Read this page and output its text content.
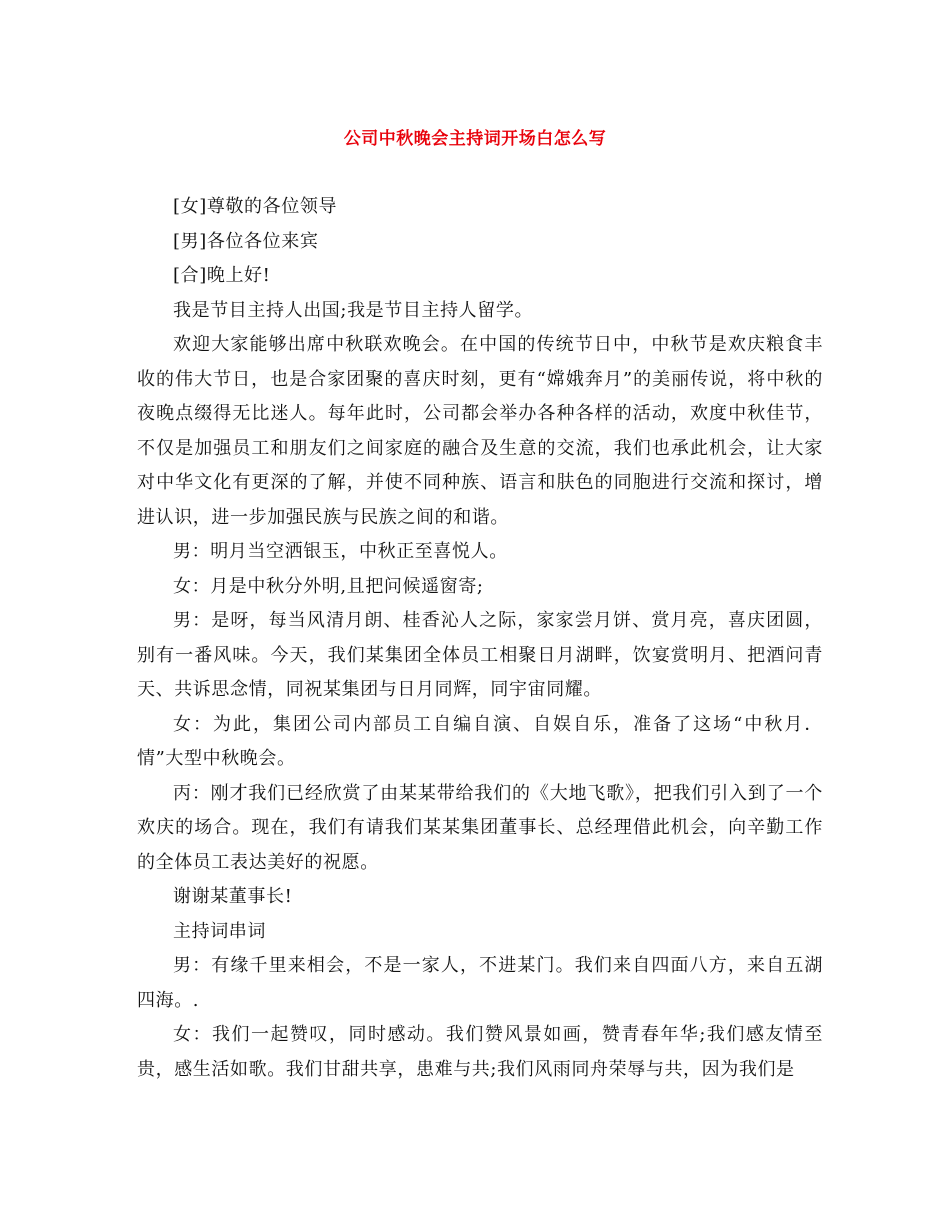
公司中秋晚会主持词开场白怎么写

[女]尊敬的各位领导

[男]各位各位来宾

[合]晚上好!

我是节目主持人出国;我是节目主持人留学。

欢迎大家能够出席中秋联欢晚会。在中国的传统节日中，中秋节是欢庆粮食丰收的伟大节日，也是合家团聚的喜庆时刻，更有“嫦娥奔月”的美丽传说，将中秋的夜晚点缀得无比迷人。每年此时，公司都会举办各种各样的活动，欢度中秋佳节，不仅是加强员工和朋友们之间家庭的融合及生意的交流，我们也承此机会，让大家对中华文化有更深的了解，并使不同种族、语言和肤色的同胞进行交流和探讨，增进认识，进一步加强民族与民族之间的和谐。

男：明月当空洒银玉，中秋正至喜悦人。

女：月是中秋分外明,且把问候遥窗寄;

男：是呀，每当风清月朗、桂香沁人之际，家家尝月饼、赏月亮，喜庆团圆，别有一番风味。今天，我们某集团全体员工相聚日月湖畔，饮宴赏明月、把酒问青天、共诉思念情，同祝某集团与日月同辉，同宇宙同耀。

女：为此，集团公司内部员工自编自演、自娱自乐，准备了这场“中秋月．情”大型中秋晚会。

丙：刚才我们已经欣赏了由某某带给我们的《大地飞歌》，把我们引入到了一个欢庆的场合。现在，我们有请我们某某集团董事长、总经理借此机会，向辛勤工作的全体员工表达美好的祝愿。

谢谢某董事长!

主持词串词

男：有缘千里来相会，不是一家人，不进某门。我们来自四面八方，来自五湖四海。.

女：我们一起赞叹，同时感动。我们赞风景如画，赞青春年华;我们感友情至贵，感生活如歌。我们甘甜共享，患难与共;我们风雨同舟荣辱与共，因为我们是
